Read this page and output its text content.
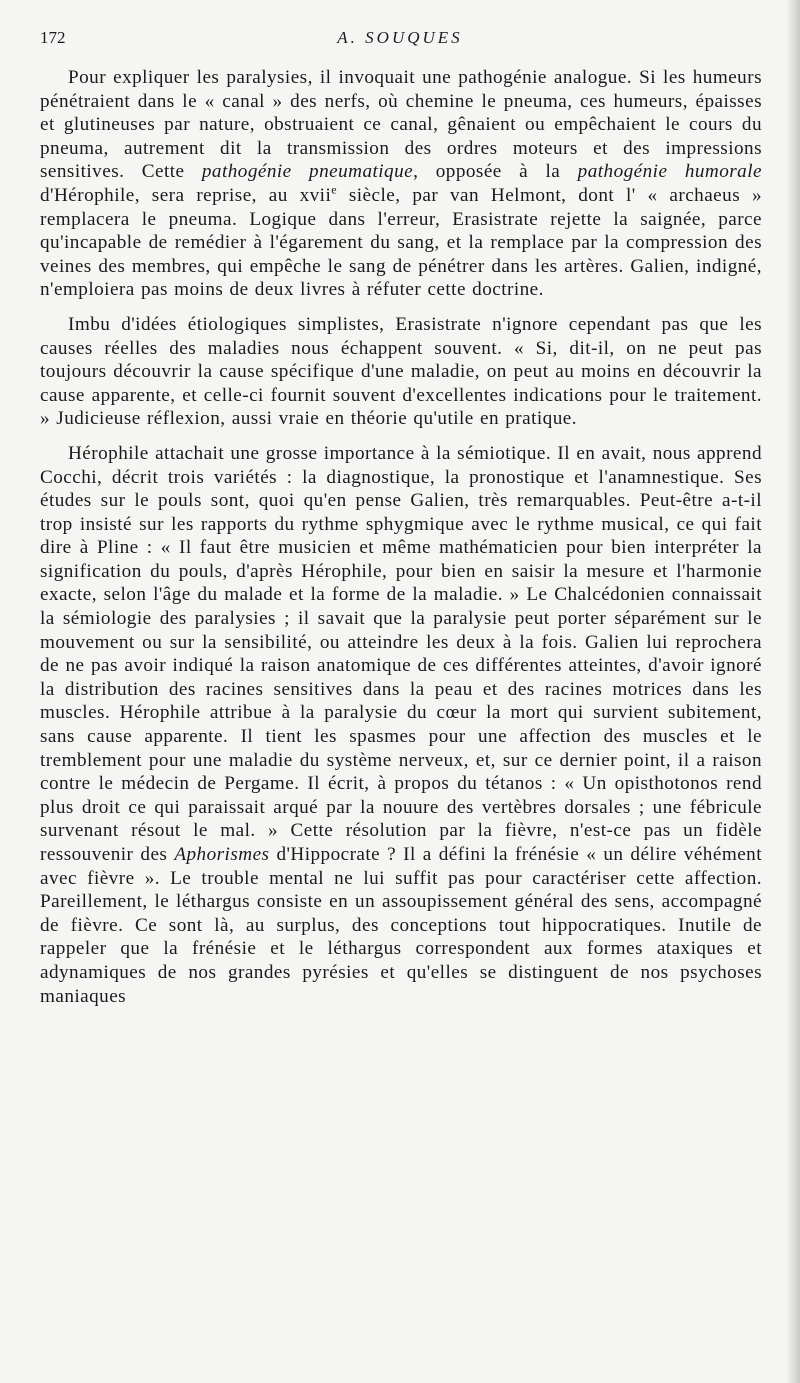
172	A. SOUQUES

Pour expliquer les paralysies, il invoquait une pathogénie analogue. Si les humeurs pénétraient dans le « canal » des nerfs, où chemine le pneuma, ces humeurs, épaisses et glutineuses par nature, obstruaient ce canal, gênaient ou empêchaient le cours du pneuma, autrement dit la transmission des ordres moteurs et des impressions sensitives. Cette pathogénie pneumatique, opposée à la pathogénie humorale d'Hérophile, sera reprise, au xvii$^e$ siècle, par van Helmont, dont l' « archaeus » remplacera le pneuma. Logique dans l'erreur, Erasistrate rejette la saignée, parce qu'incapable de remédier à l'égarement du sang, et la remplace par la compression des veines des membres, qui empêche le sang de pénétrer dans les artères. Galien, indigné, n'emploiera pas moins de deux livres à réfuter cette doctrine.

Imbu d'idées étiologiques simplistes, Erasistrate n'ignore cependant pas que les causes réelles des maladies nous échappent souvent. « Si, dit-il, on ne peut pas toujours découvrir la cause spécifique d'une maladie, on peut au moins en découvrir la cause apparente, et celle-ci fournit souvent d'excellentes indications pour le traitement. » Judicieuse réflexion, aussi vraie en théorie qu'utile en pratique.

Hérophile attachait une grosse importance à la sémiotique. Il en avait, nous apprend Cocchi, décrit trois variétés : la diagnostique, la pronostique et l'anamnestique. Ses études sur le pouls sont, quoi qu'en pense Galien, très remarquables. Peut-être a-t-il trop insisté sur les rapports du rythme sphygmique avec le rythme musical, ce qui fait dire à Pline : « Il faut être musicien et même mathématicien pour bien interpréter la signification du pouls, d'après Hérophile, pour bien en saisir la mesure et l'harmonie exacte, selon l'âge du malade et la forme de la maladie. » Le Chalcédonien connaissait la sémiologie des paralysies ; il savait que la paralysie peut porter séparément sur le mouvement ou sur la sensibilité, ou atteindre les deux à la fois. Galien lui reprochera de ne pas avoir indiqué la raison anatomique de ces différentes atteintes, d'avoir ignoré la distribution des racines sensitives dans la peau et des racines motrices dans les muscles. Hérophile attribue à la paralysie du cœur la mort qui survient subitement, sans cause apparente. Il tient les spasmes pour une affection des muscles et le tremblement pour une maladie du système nerveux, et, sur ce dernier point, il a raison contre le médecin de Pergame. Il écrit, à propos du tétanos : « Un opisthotonos rend plus droit ce qui paraissait arqué par la nouure des vertèbres dorsales ; une fébricule survenant résout le mal. » Cette résolution par la fièvre, n'est-ce pas un fidèle ressouvenir des Aphorismes d'Hippocrate ? Il a défini la frénésie « un délire véhément avec fièvre ». Le trouble mental ne lui suffit pas pour caractériser cette affection. Pareillement, le léthargus consiste en un assoupissement général des sens, accompagné de fièvre. Ce sont là, au surplus, des conceptions tout hippocratiques. Inutile de rappeler que la frénésie et le léthargus correspondent aux formes ataxiques et adynamiques de nos grandes pyrésies et qu'elles se distinguent de nos psychoses maniaques
